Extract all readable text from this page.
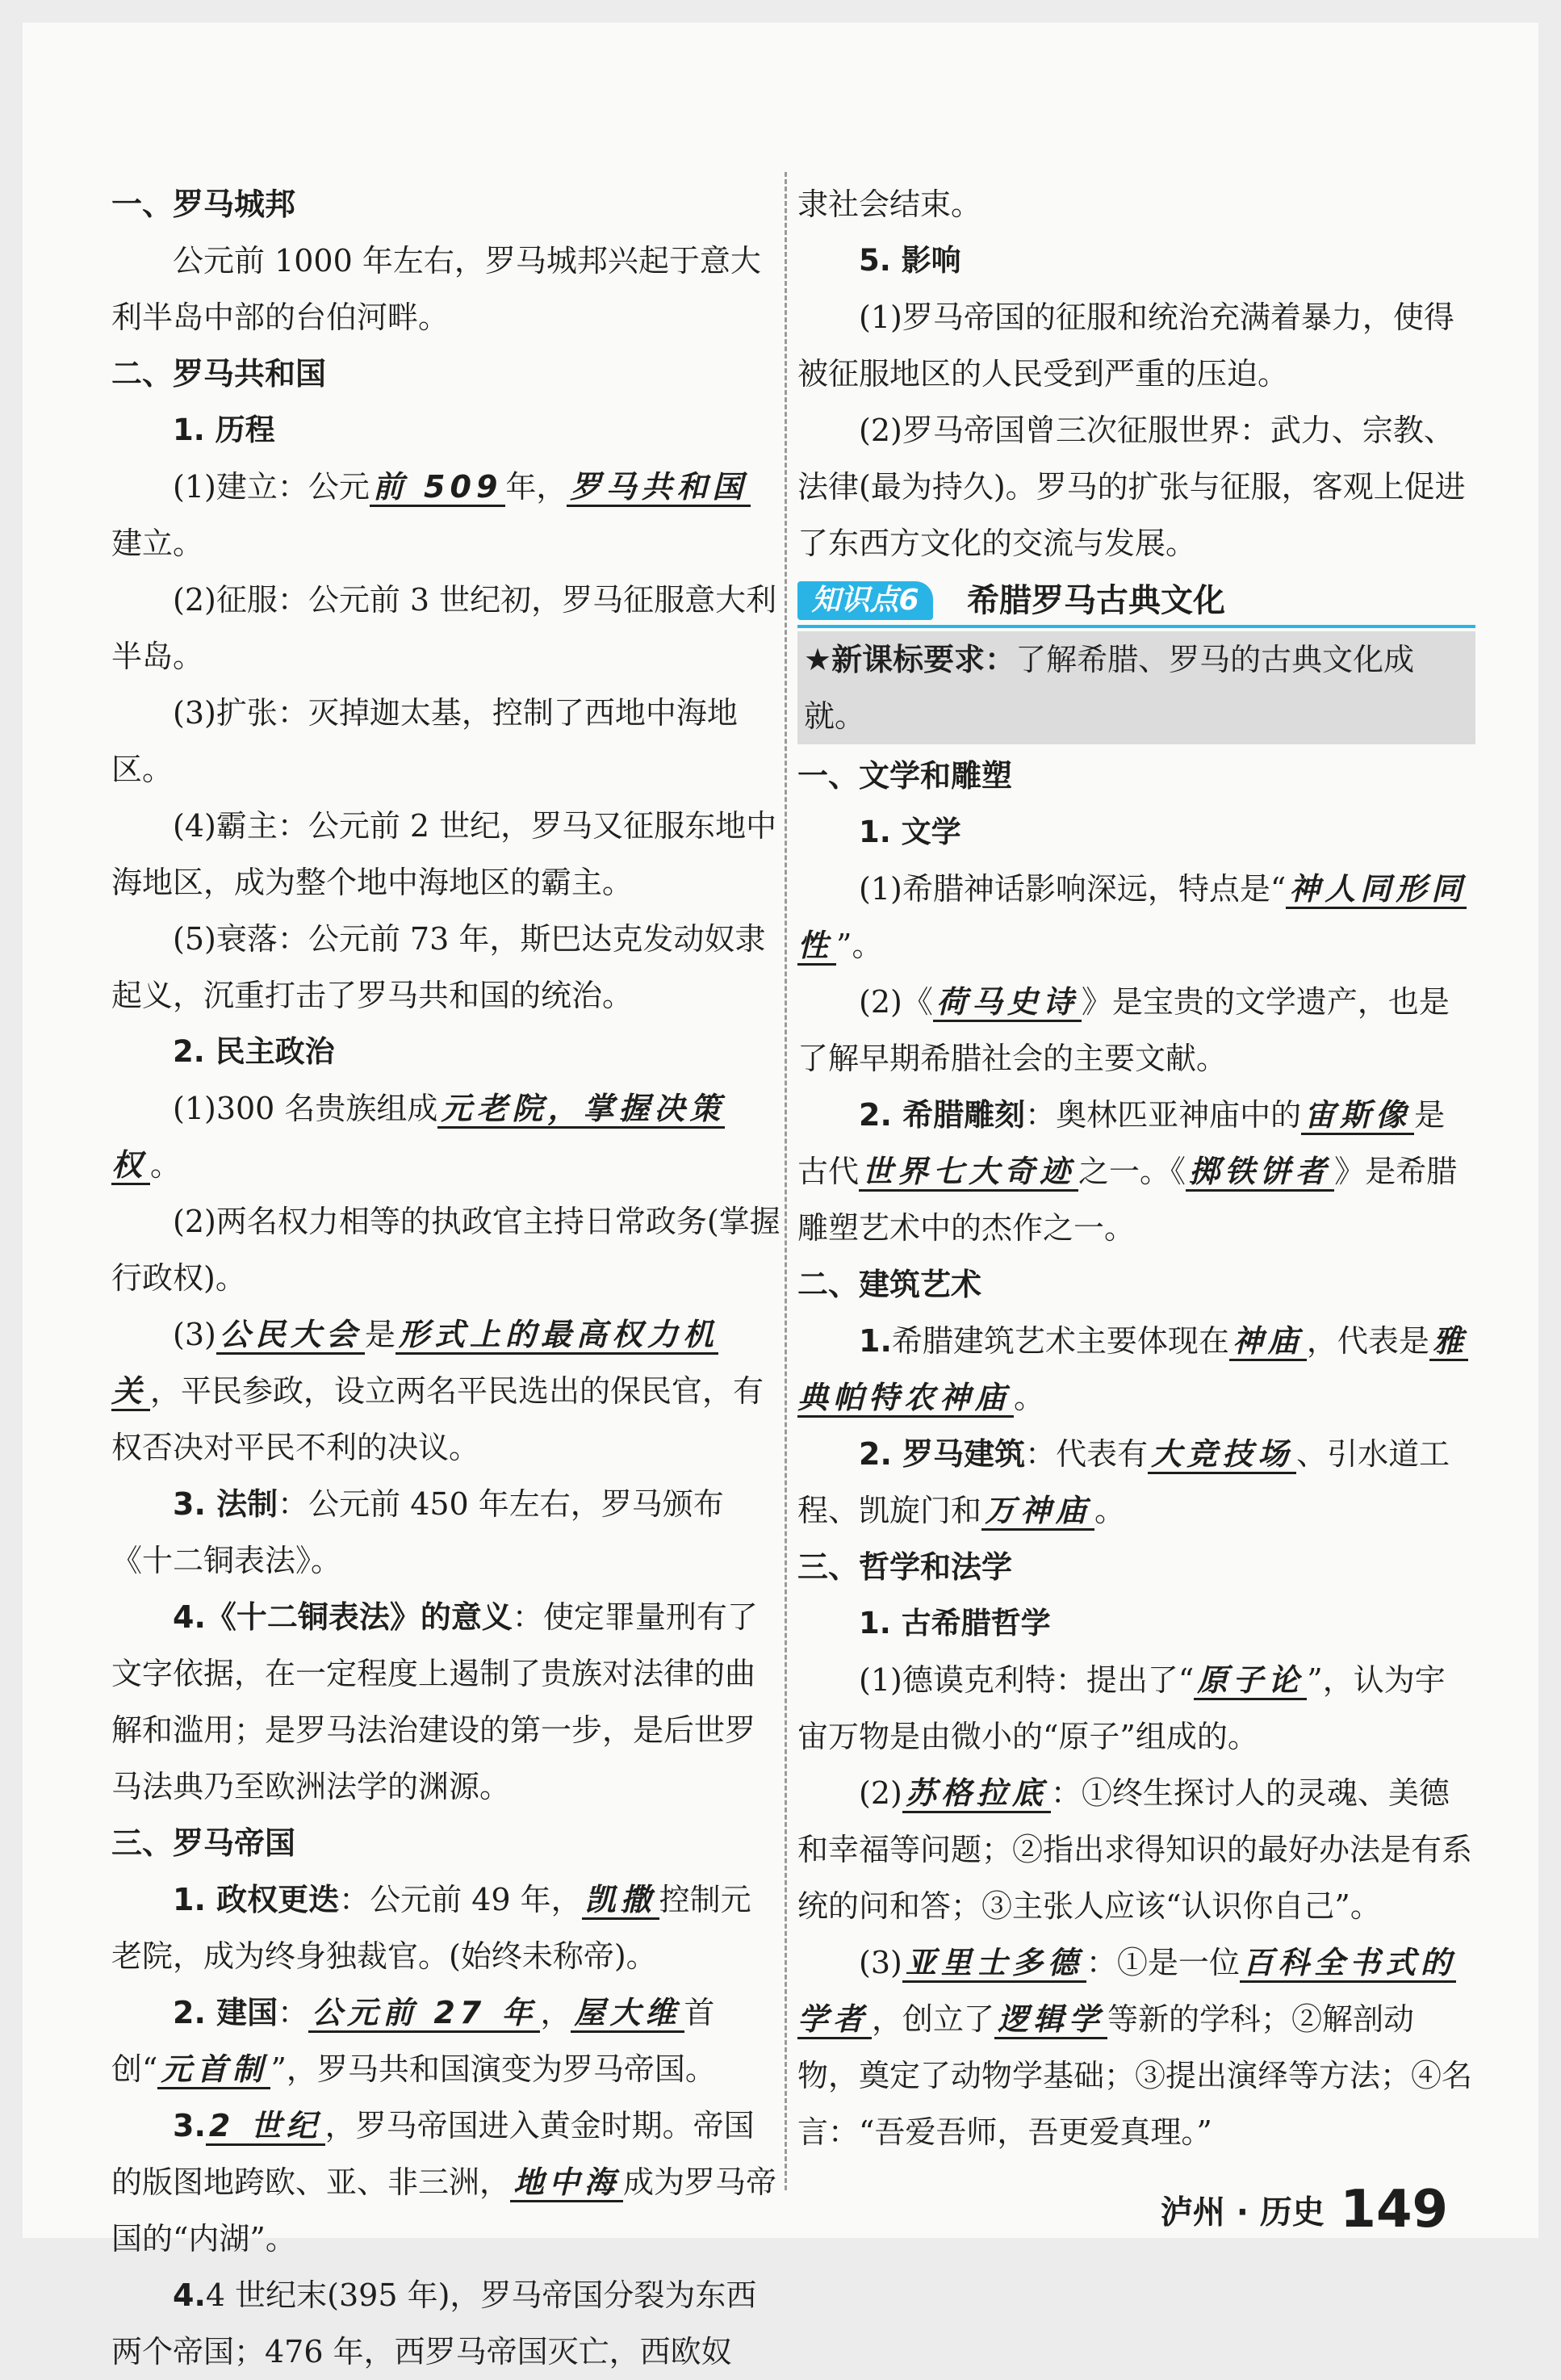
一、罗马城邦

公元前 1000 年左右，罗马城邦兴起于意大利半岛中部的台伯河畔。

二、罗马共和国

1. 历程

(1)建立：公元 前 509 年， 罗马共和国建立。

(2)征服：公元前 3 世纪初，罗马征服意大利半岛。

(3)扩张：灭掉迦太基，控制了西地中海地区。

(4)霸主：公元前 2 世纪，罗马又征服东地中海地区，成为整个地中海地区的霸主。

(5)衰落：公元前 73 年，斯巴达克发动奴隶起义，沉重打击了罗马共和国的统治。

2. 民主政治

(1)300 名贵族组成 元老院，掌握决策权 。

(2)两名权力相等的执政官主持日常政务(掌握行政权)。

(3) 公民大会 是 形式上的最高权力机关 ，平民参政，设立两名平民选出的保民官，有权否决对平民不利的决议。

3. 法制：公元前 450 年左右，罗马颁布《十二铜表法》。

4.《十二铜表法》的意义：使定罪量刑有了文字依据，在一定程度上遏制了贵族对法律的曲解和滥用；是罗马法治建设的第一步，是后世罗马法典乃至欧洲法学的渊源。

三、罗马帝国

1. 政权更迭：公元前 49 年， 凯撒 控制元老院，成为终身独裁官。(始终未称帝)。

2. 建国： 公元前 27 年 ， 屋大维 首创“ 元首制 ”，罗马共和国演变为罗马帝国。

3. 2 世纪 ，罗马帝国进入黄金时期。帝国的版图地跨欧、亚、非三洲， 地中海 成为罗马帝国的“内湖”。

4.4 世纪末(395 年)，罗马帝国分裂为东西两个帝国；476 年，西罗马帝国灭亡，西欧奴

隶社会结束。

5. 影响

(1)罗马帝国的征服和统治充满着暴力，使得被征服地区的人民受到严重的压迫。

(2)罗马帝国曾三次征服世界：武力、宗教、法律(最为持久)。罗马的扩张与征服，客观上促进了东西方文化的交流与发展。

知识点6	希腊罗马古典文化

★新课标要求：了解希腊、罗马的古典文化成就。

一、文学和雕塑

1. 文学

(1)希腊神话影响深远，特点是“ 神人同形同性 ”。

(2)《 荷马史诗 》是宝贵的文学遗产，也是了解早期希腊社会的主要文献。

2. 希腊雕刻：奥林匹亚神庙中的 宙斯像 是古代 世界七大奇迹 之一。《 掷铁饼者 》是希腊雕塑艺术中的杰作之一。

二、建筑艺术

1.希腊建筑艺术主要体现在 神庙 ，代表是 雅典帕特农神庙 。

2. 罗马建筑：代表有 大竞技场 、引水道工程、凯旋门和 万神庙 。

三、哲学和法学

1. 古希腊哲学

(1)德谟克利特：提出了“ 原子论 ”，认为宇宙万物是由微小的“原子”组成的。

(2) 苏格拉底 ：①终生探讨人的灵魂、美德和幸福等问题；②指出求得知识的最好办法是有系统的问和答；③主张人应该“认识你自己”。

(3) 亚里士多德 ：①是一位 百科全书式的学者 ，创立了 逻辑学 等新的学科；②解剖动物，奠定了动物学基础；③提出演绎等方法；④名言：“吾爱吾师，吾更爱真理。”

泸州 · 历史 149
